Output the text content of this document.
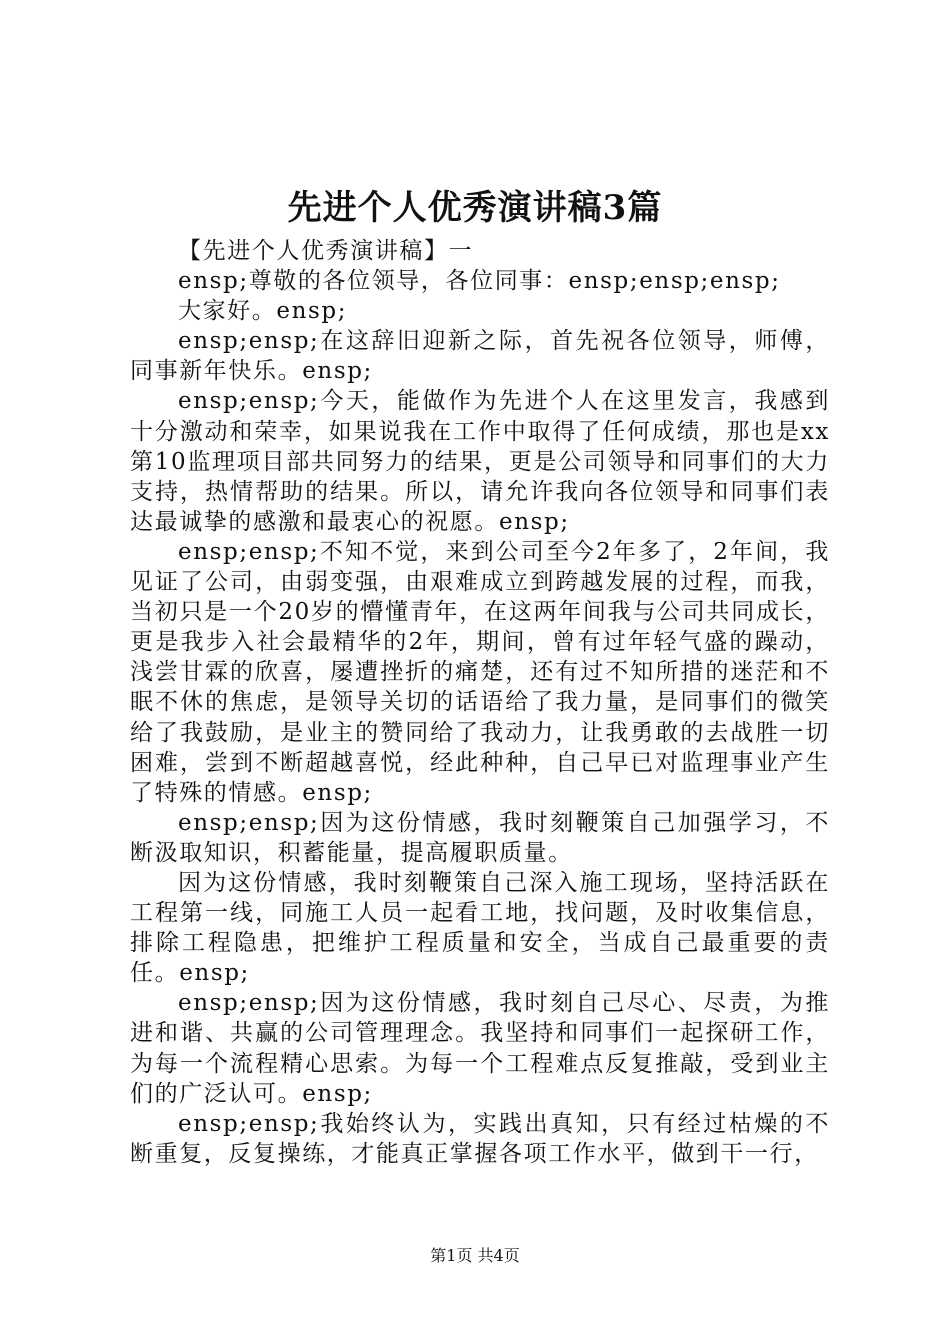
先进个人优秀演讲稿3篇

【先进个人优秀演讲稿】一

ensp;尊敬的各位领导，各位同事：ensp;ensp;ensp;

大家好。ensp;

ensp;ensp;在这辞旧迎新之际，首先祝各位领导，师傅，同事新年快乐。ensp;

ensp;ensp;今天，能做作为先进个人在这里发言，我感到十分激动和荣幸，如果说我在工作中取得了任何成绩，那也是xx第10监理项目部共同努力的结果，更是公司领导和同事们的大力支持，热情帮助的结果。所以，请允许我向各位领导和同事们表达最诚挚的感激和最衷心的祝愿。ensp;

ensp;ensp;不知不觉，来到公司至今2年多了，2年间，我见证了公司，由弱变强，由艰难成立到跨越发展的过程，而我，当初只是一个20岁的懵懂青年，在这两年间我与公司共同成长，更是我步入社会最精华的2年，期间，曾有过年轻气盛的躁动，浅尝甘霖的欣喜，屡遭挫折的痛楚，还有过不知所措的迷茫和不眠不休的焦虑，是领导关切的话语给了我力量，是同事们的微笑给了我鼓励，是业主的赞同给了我动力，让我勇敢的去战胜一切困难，尝到不断超越喜悦，经此种种，自己早已对监理事业产生了特殊的情感。ensp;

ensp;ensp;因为这份情感，我时刻鞭策自己加强学习，不断汲取知识，积蓄能量，提高履职质量。

因为这份情感，我时刻鞭策自己深入施工现场，坚持活跃在工程第一线，同施工人员一起看工地，找问题，及时收集信息，排除工程隐患，把维护工程质量和安全，当成自己最重要的责任。ensp;

ensp;ensp;因为这份情感，我时刻自己尽心、尽责，为推进和谐、共赢的公司管理理念。我坚持和同事们一起探研工作，为每一个流程精心思索。为每一个工程难点反复推敲，受到业主们的广泛认可。ensp;

ensp;ensp;我始终认为，实践出真知，只有经过枯燥的不断重复，反复操练，才能真正掌握各项工作水平，做到干一行，

第1页 共4页
